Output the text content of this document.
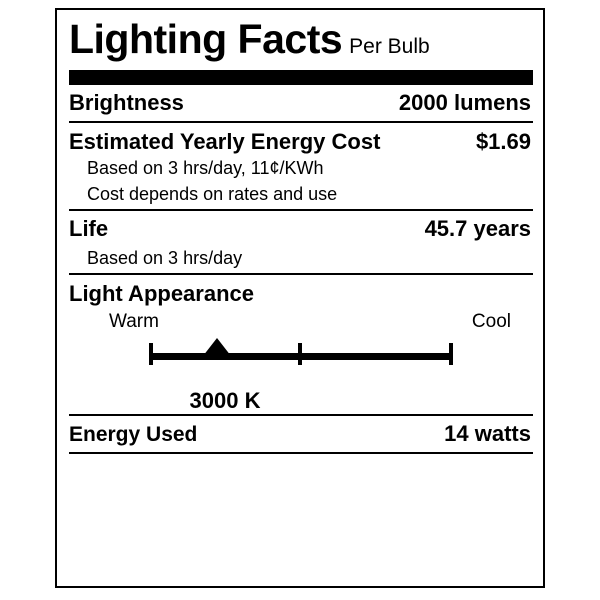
Lighting Facts Per Bulb
Brightness	2000 lumens
Estimated Yearly Energy Cost	$1.69
Based on 3 hrs/day, 11¢/KWh
Cost depends on rates and use
Life	45.7 years
Based on 3 hrs/day
Light Appearance
Warm	Cool
3000 K
Energy Used	14 watts
